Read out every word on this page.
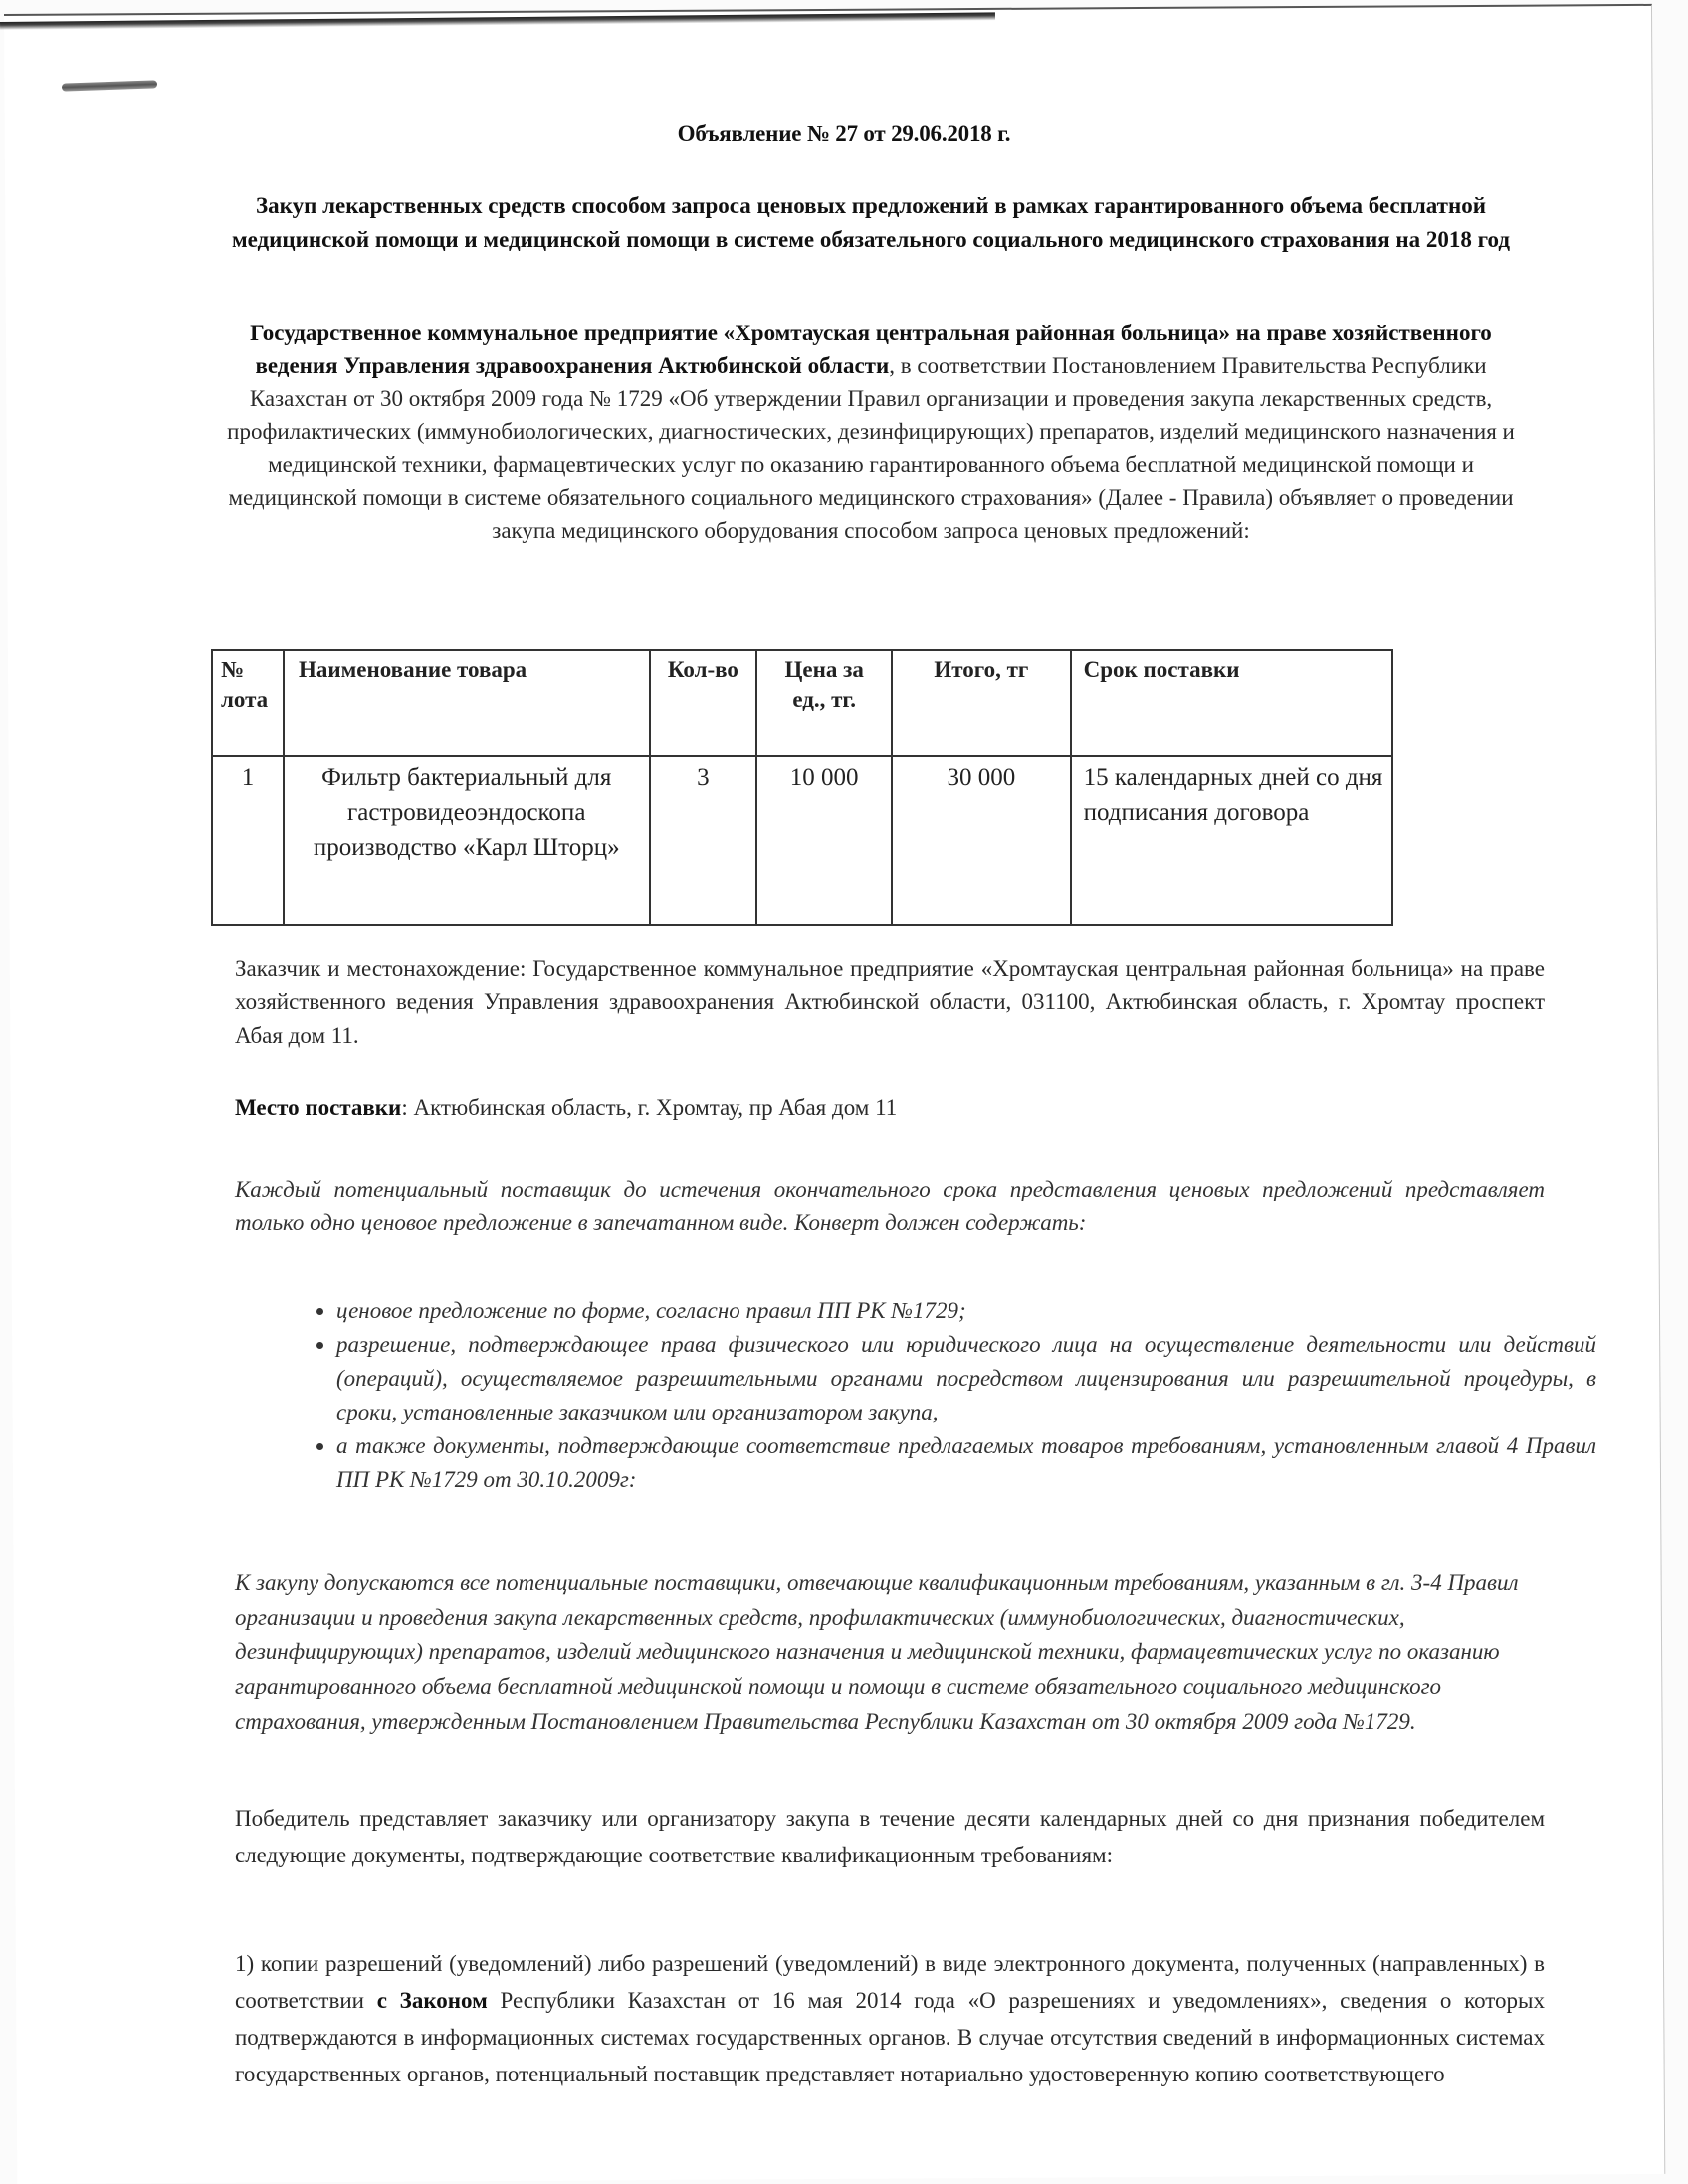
Объявление № 27 от 29.06.2018 г.
Закуп лекарственных средств способом запроса ценовых предложений в рамках гарантированного объема бесплатной медицинской помощи и медицинской помощи в системе обязательного социального медицинского страхования на 2018 год
Государственное коммунальное предприятие «Хромтауская центральная районная больница» на праве хозяйственного ведения Управления здравоохранения Актюбинской области, в соответствии Постановлением Правительства Республики Казахстан от 30 октября 2009 года № 1729 «Об утверждении Правил организации и проведения закупа лекарственных средств, профилактических (иммунобиологических, диагностических, дезинфицирующих) препаратов, изделий медицинского назначения и медицинской техники, фармацевтических услуг по оказанию гарантированного объема бесплатной медицинской помощи и медицинской помощи в системе обязательного социального медицинского страхования» (Далее - Правила) объявляет о проведении закупа медицинского оборудования способом запроса ценовых предложений:
№ лота	Наименование товара	Кол-во	Цена за ед., тг.	Итого, тг	Срок поставки
1	Фильтр бактериальный для гастровидеоэндоскопа производство «Карл Шторц»	3	10 000	30 000	15 календарных дней со дня подписания договора
Заказчик и местонахождение: Государственное коммунальное предприятие «Хромтауская центральная районная больница» на праве хозяйственного ведения Управления здравоохранения Актюбинской области, 031100, Актюбинская область, г. Хромтау проспект Абая дом 11.
Место поставки: Актюбинская область, г. Хромтау, пр Абая дом 11
Каждый потенциальный поставщик до истечения окончательного срока представления ценовых предложений представляет только одно ценовое предложение в запечатанном виде. Конверт должен содержать:
• ценовое предложение по форме, согласно правил ПП РК №1729;
• разрешение, подтверждающее права физического или юридического лица на осуществление деятельности или действий (операций), осуществляемое разрешительными органами посредством лицензирования или разрешительной процедуры, в сроки, установленные заказчиком или организатором закупа,
• а также документы, подтверждающие соответствие предлагаемых товаров требованиям, установленным главой 4 Правил ПП РК №1729 от 30.10.2009г:
К закупу допускаются все потенциальные поставщики, отвечающие квалификационным требованиям, указанным в гл. 3-4 Правил организации и проведения закупа лекарственных средств, профилактических (иммунобиологических, диагностических, дезинфицирующих) препаратов, изделий медицинского назначения и медицинской техники, фармацевтических услуг по оказанию гарантированного объема бесплатной медицинской помощи и помощи в системе обязательного социального медицинского страхования, утвержденным Постановлением Правительства Республики Казахстан от 30 октября 2009 года №1729.
Победитель представляет заказчику или организатору закупа в течение десяти календарных дней со дня признания победителем следующие документы, подтверждающие соответствие квалификационным требованиям:
1) копии разрешений (уведомлений) либо разрешений (уведомлений) в виде электронного документа, полученных (направленных) в соответствии с Законом Республики Казахстан от 16 мая 2014 года «О разрешениях и уведомлениях», сведения о которых подтверждаются в информационных системах государственных органов. В случае отсутствия сведений в информационных системах государственных органов, потенциальный поставщик представляет нотариально удостоверенную копию соответствующего
